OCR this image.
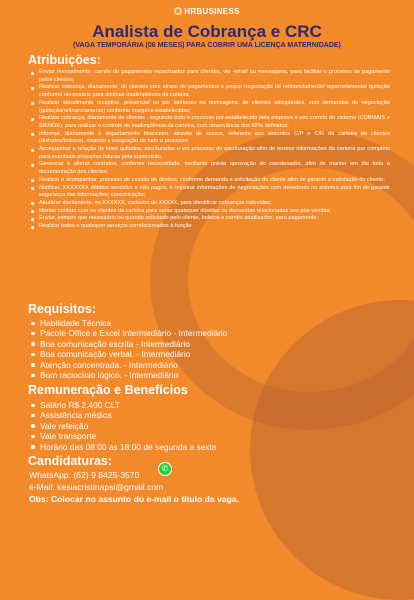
HRBUSINESS
Analista de Cobrança e CRC
(VAGA TEMPORÁRIA (06 MESES) PARA COBRIR UMA LICENÇA MATERNIDADE)
Atribuições:
Enviar mensalmente, carnês de pagamentos repactuados para clientes, via -email ou mensagens, para facilitar o processo de pagamento pelos clientes;
Realizar cobrança, diariamente, de clientes com atraso de pagamentos e propor negociação de refinanciamento/ reparcelamento/ quitação conforme necessário para diminuir inadimplência da carteira;
Realizar atendimento receptivo, presencial ou por telefones ou mensagens, de clientes adimplentes, com demandas de negociação (quitação/refinanciamento) conforme margens estabelecidas;
Realizar cobrança, diariamente de clientes , seguindo todo o processo pré-estabelecido pela empresa e uso correto do sistema (CDBMAIS + SIENGE), para realizar o controle de inadimplência da carteira, com observância dos KPIs definidos;
Informar, diariamente o departamento financeiro, através de xxxxxx, referente aos assuntos C/P e C/R da carteira de clientes (distratos/boletos), visando a integração de todo o processo;
Acompanhar a relação de lotes quitados, escriturados e em processo de escrituração afim de termos informações da carteira por completo para eventuais projeções futuras pela supervisão;
Gerenciar e alterar contratos, conforme necessidade, mediante prévia aprovação do coordenador, afim de manter em dia toda a documentação dos clientes;
Realizar e acompanhar, processo de cessão de direitos, conforme demanda e solicitação do cliente afim de garantir a satisfação do cliente;
Notificar, XXXXXXX débitos vencidos e não pagos, e registrar informações de negociações com devedores no sistema para fim de garantir segurança das informações; comunicação;
Atualizar diariamente, no XXXXXX, cadastro de XXXXX, para identificar cobranças indevidas;
Manter contato com os clientes da carteira para sanar quaisquer dúvidas ou demandas relacionadas aos pós-vendas;
Enviar, sempre que necessário ou quando solicitado pelo cliente, boletos e carnês atualizados, para pagamento ;
Realizar todos e quaisquer serviços correlacionados à função
Requisitos:
Habilidade Técnica
Pacote Office e Excel Intermediário - Intermediário
Boa comunicação escrita - Intermediário
Boa comunicação verbal. - Intermediário
Atenção concentrada. - Intermediário
Bom raciocínio lógico. - Intermediário
Remuneração e Benefícios
Salário R$ 2.400 CLT
Assistência médica
Vale refeição
Vale transporte
Horário das 08:00 as 18:00 de segunda a sexta
Candidaturas:
WhatsApp: (62) 9 8425-3570
✆
e-Mail: kesiacristinapsi@gmail.com
Obs: Colocar no assunto do e-mail o título da vaga.
